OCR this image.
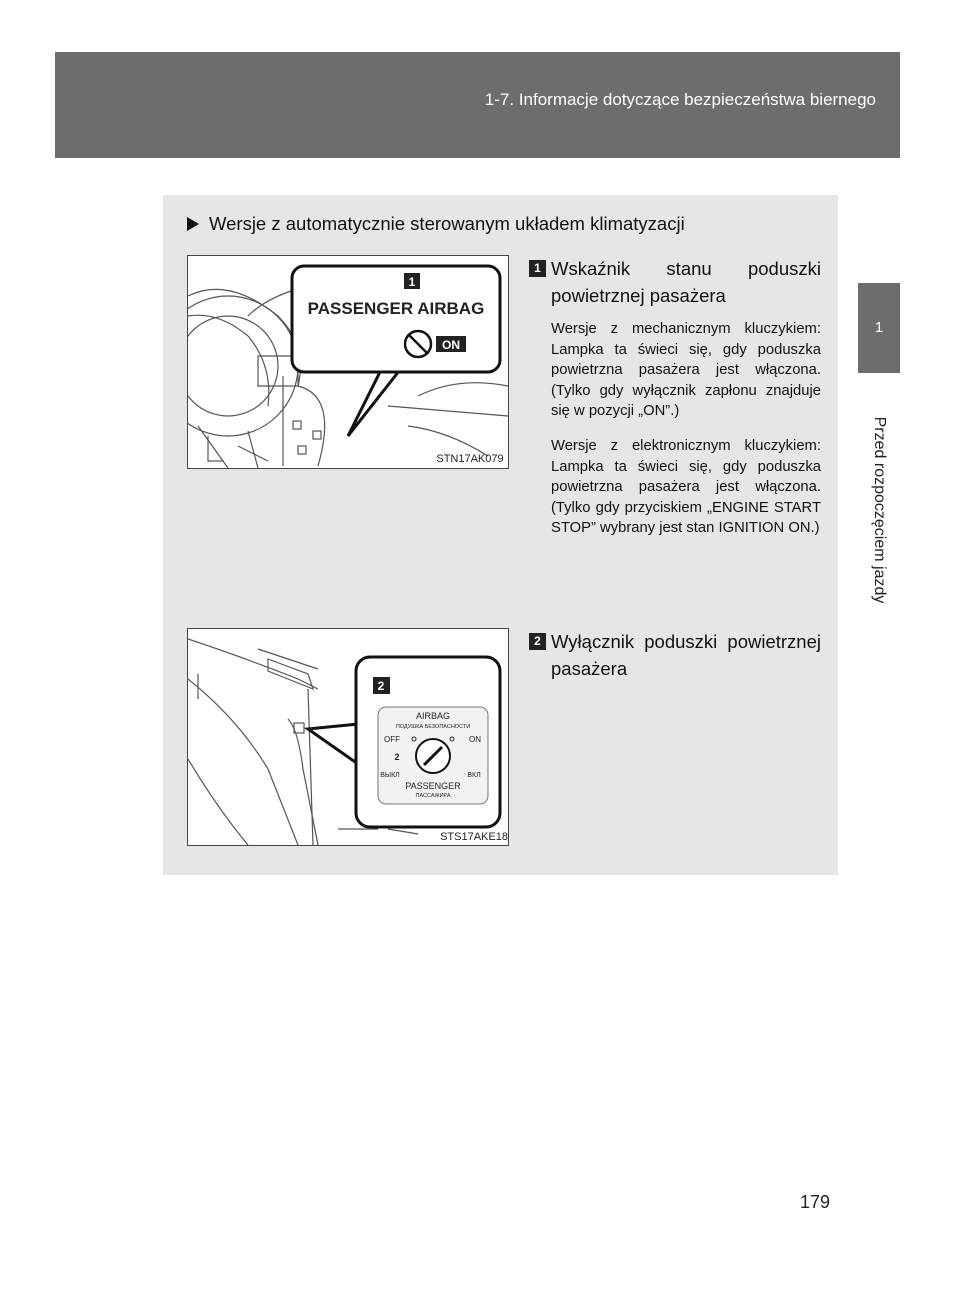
1-7. Informacje dotyczące bezpieczeństwa biernego
1
Przed rozpoczęciem jazdy
Wersje z automatycznie sterowanym układem klimatyzacji
1
PASSENGER AIRBAG
ON
STN17AK079
2
AIRBAG
ПОДУШКА БЕЗОПАСНОСТИ
OFF	ON
2
ВЫКЛ	ВКЛ
PASSENGER
ПАССАЖИРА
STS17AKE18
1 Wskaźnik stanu poduszki powietrznej pasażera

Wersje z mechanicznym kluczykiem: Lampka ta świeci się, gdy poduszka powietrzna pasażera jest włączona. (Tylko gdy wyłącznik zapłonu znajduje się w pozycji „ON”.)

Wersje z elektronicznym kluczykiem: Lampka ta świeci się, gdy poduszka powietrzna pasażera jest włączona. (Tylko gdy przyciskiem „ENGINE START STOP” wybrany jest stan IGNITION ON.)

2 Wyłącznik poduszki powietrznej pasażera
179
